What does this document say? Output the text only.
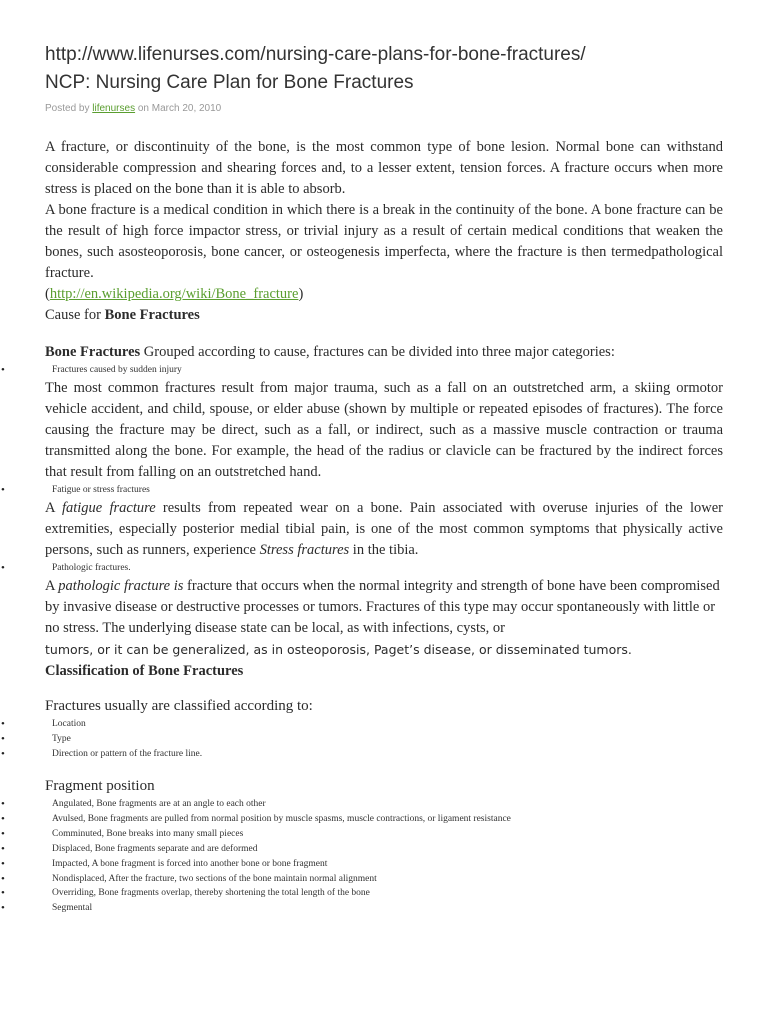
http://www.lifenurses.com/nursing-care-plans-for-bone-fractures/
NCP: Nursing Care Plan for Bone Fractures
Posted by lifenurses on March 20, 2010

A fracture, or discontinuity of the bone, is the most common type of bone lesion. Normal bone can withstand considerable compression and shearing forces and, to a lesser extent, tension forces. A fracture occurs when more stress is placed on the bone than it is able to absorb.

A bone fracture is a medical condition in which there is a break in the continuity of the bone. A bone fracture can be the result of high force impactor stress, or trivial injury as a result of certain medical conditions that weaken the bones, such asosteoporosis, bone cancer, or osteogenesis imperfecta, where the fracture is then termedpathological fracture.

(http://en.wikipedia.org/wiki/Bone_fracture)

Cause for Bone Fractures

Bone Fractures Grouped according to cause, fractures can be divided into three major categories:

• Fractures caused by sudden injury

The most common fractures result from major trauma, such as a fall on an outstretched arm, a skiing ormotor vehicle accident, and child, spouse, or elder abuse (shown by multiple or repeated episodes of fractures). The force causing the fracture may be direct, such as a fall, or indirect, such as a massive muscle contraction or trauma transmitted along the bone. For example, the head of the radius or clavicle can be fractured by the indirect forces that result from falling on an outstretched hand.

• Fatigue or stress fractures

A fatigue fracture results from repeated wear on a bone. Pain associated with overuse injuries of the lower extremities, especially posterior medial tibial pain, is one of the most common symptoms that physically active persons, such as runners, experience Stress fractures in the tibia.

• Pathologic fractures.

A pathologic fracture is fracture that occurs when the normal integrity and strength of bone have been compromised by invasive disease or destructive processes or tumors. Fractures of this type may occur spontaneously with little or no stress. The underlying disease state can be local, as with infections, cysts, or

tumors, or it can be generalized, as in osteoporosis, Paget’s disease, or disseminated tumors.

Classification of Bone Fractures

Fractures usually are classified according to:

• Location
• Type
• Direction or pattern of the fracture line.

Fragment position

• Angulated, Bone fragments are at an angle to each other
• Avulsed, Bone fragments are pulled from normal position by muscle spasms, muscle contractions, or ligament resistance
• Comminuted, Bone breaks into many small pieces
• Displaced, Bone fragments separate and are deformed
• Impacted, A bone fragment is forced into another bone or bone fragment
• Nondisplaced, After the fracture, two sections of the bone maintain normal alignment
• Overriding, Bone fragments overlap, thereby shortening the total length of the bone
• Segmental
